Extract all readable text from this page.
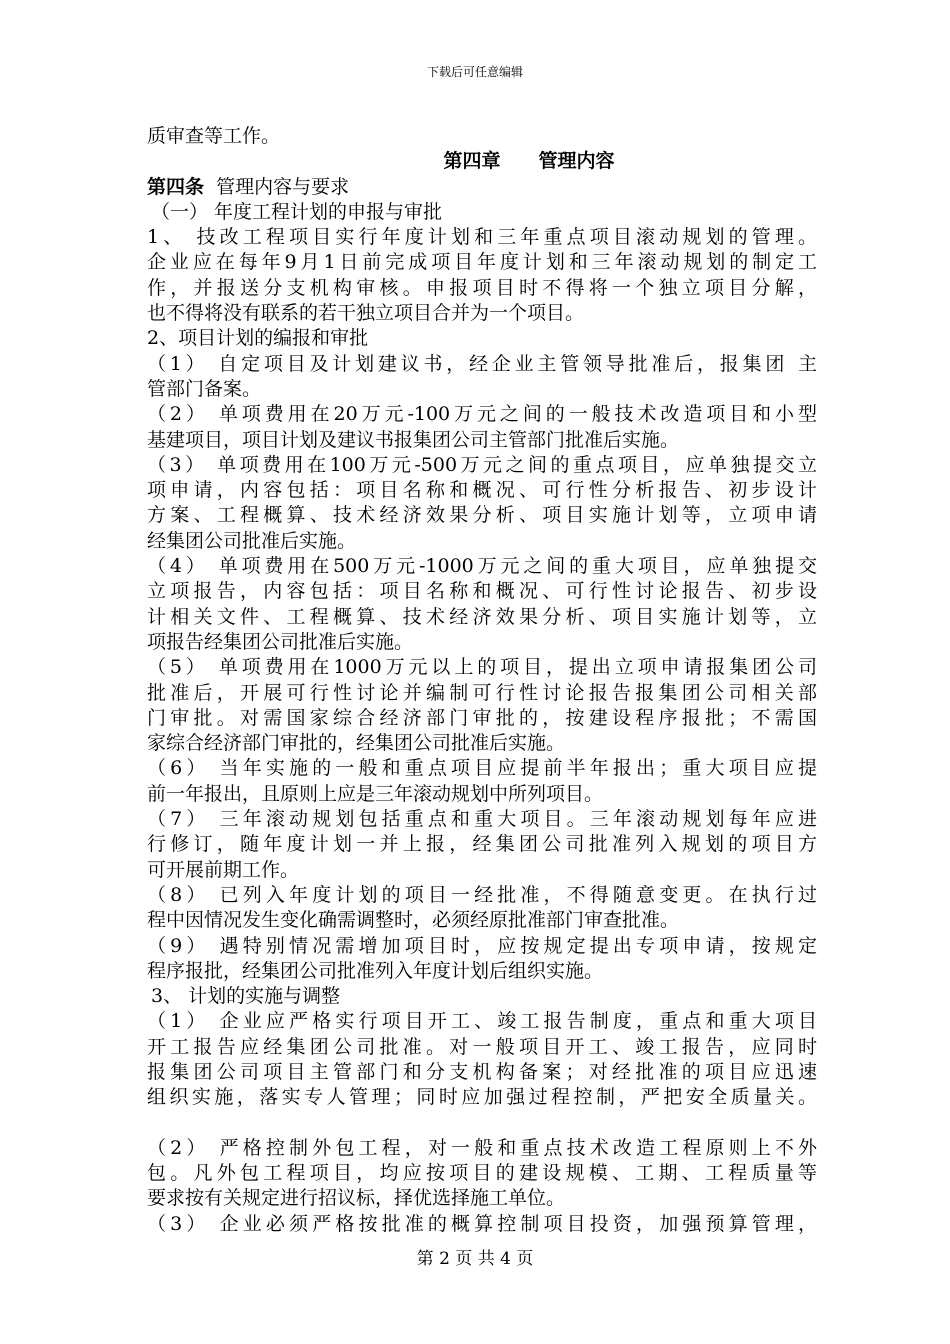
下载后可任意编辑
质审查等工作。
第四章 管理内容
第四条 管理内容与要求
（一） 年度工程计划的申报与审批
1、 技改工程项目实行年度计划和三年重点项目滚动规划的管理。
企业应在每年9月1日前完成项目年度计划和三年滚动规划的制定工
作，并报送分支机构审核。申报项目时不得将一个独立项目分解，
也不得将没有联系的若干独立项目合并为一个项目。
2、项目计划的编报和审批
（1） 自定项目及计划建议书，经企业主管领导批准后，报集团 主
管部门备案。
（2） 单项费用在20万元-100万元之间的一般技术改造项目和小型
基建项目，项目计划及建议书报集团公司主管部门批准后实施。
（3） 单项费用在100万元-500万元之间的重点项目，应单独提交立
项申请，内容包括：项目名称和概况、可行性分析报告、初步设计
方案、工程概算、技术经济效果分析、项目实施计划等，立项申请
经集团公司批准后实施。
（4） 单项费用在500万元-1000万元之间的重大项目，应单独提交
立项报告，内容包括：项目名称和概况、可行性讨论报告、初步设
计相关文件、工程概算、技术经济效果分析、项目实施计划等，立
项报告经集团公司批准后实施。
（5） 单项费用在1000万元以上的项目，提出立项申请报集团公司
批准后，开展可行性讨论并编制可行性讨论报告报集团公司相关部
门审批。对需国家综合经济部门审批的，按建设程序报批；不需国
家综合经济部门审批的，经集团公司批准后实施。
（6） 当年实施的一般和重点项目应提前半年报出；重大项目应提
前一年报出，且原则上应是三年滚动规划中所列项目。
（7） 三年滚动规划包括重点和重大项目。三年滚动规划每年应进
行修订，随年度计划一并上报，经集团公司批准列入规划的项目方
可开展前期工作。
（8） 已列入年度计划的项目一经批准，不得随意变更。在执行过
程中因情况发生变化确需调整时，必须经原批准部门审查批准。
（9） 遇特别情况需增加项目时，应按规定提出专项申请，按规定
程序报批，经集团公司批准列入年度计划后组织实施。
3、 计划的实施与调整
（1） 企业应严格实行项目开工、竣工报告制度，重点和重大项目
开工报告应经集团公司批准。对一般项目开工、竣工报告，应同时
报集团公司项目主管部门和分支机构备案；对经批准的项目应迅速
组织实施，落实专人管理；同时应加强过程控制，严把安全质量关。
（2） 严格控制外包工程，对一般和重点技术改造工程原则上不外
包。凡外包工程项目，均应按项目的建设规模、工期、工程质量等
要求按有关规定进行招议标，择优选择施工单位。
（3） 企业必须严格按批准的概算控制项目投资，加强预算管理，
第 2 页 共 4 页
